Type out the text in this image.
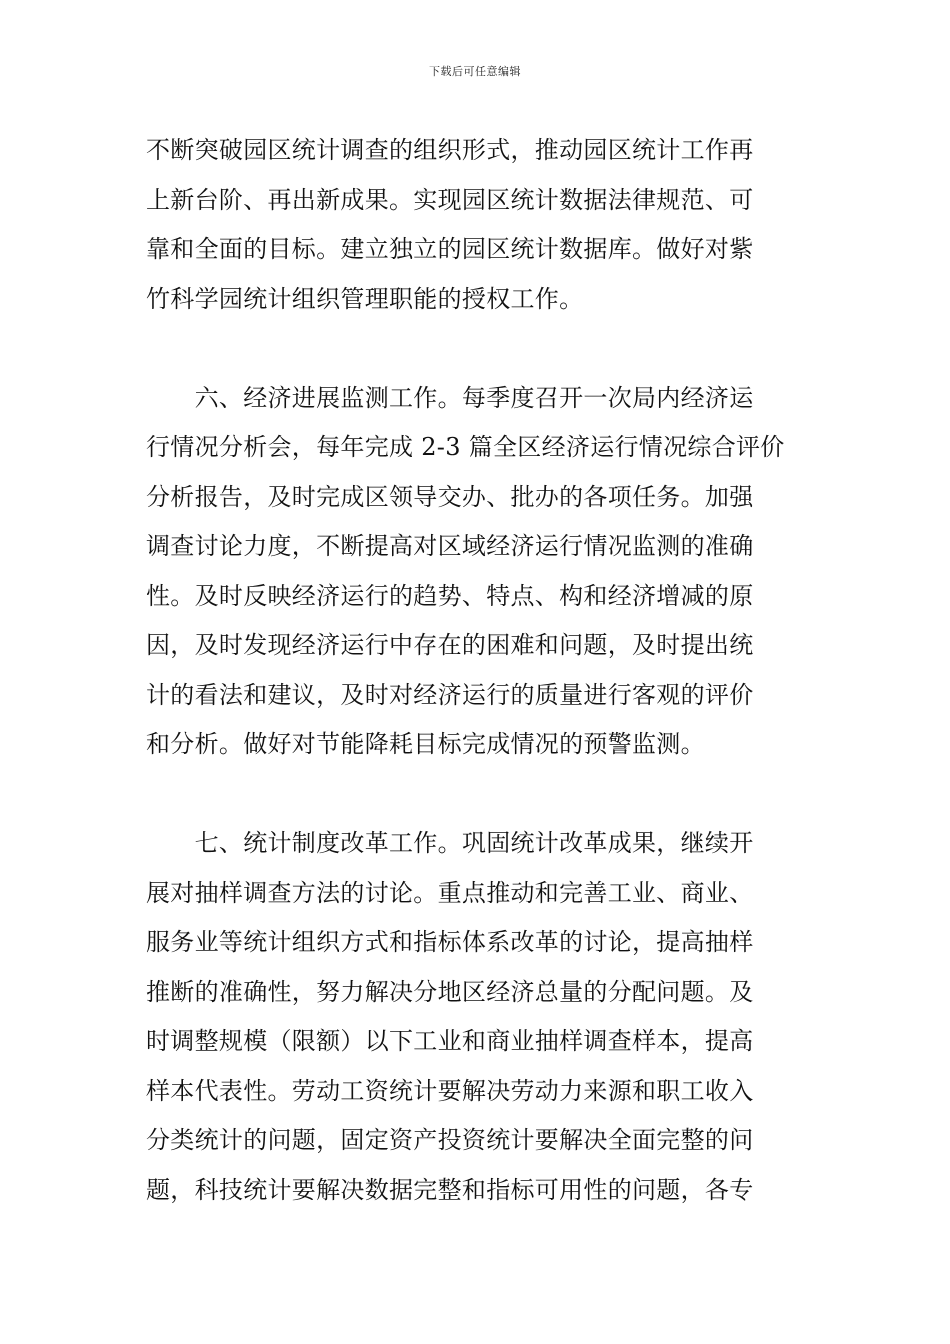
下载后可任意编辑
不断突破园区统计调查的组织形式，推动园区统计工作再
上新台阶、再出新成果。实现园区统计数据法律规范、可
靠和全面的目标。建立独立的园区统计数据库。做好对紫
竹科学园统计组织管理职能的授权工作。
　　六、经济进展监测工作。每季度召开一次局内经济运
行情况分析会，每年完成 2-3 篇全区经济运行情况综合评价
分析报告，及时完成区领导交办、批办的各项任务。加强
调查讨论力度，不断提高对区域经济运行情况监测的准确
性。及时反映经济运行的趋势、特点、构和经济增减的原
因，及时发现经济运行中存在的困难和问题，及时提出统
计的看法和建议，及时对经济运行的质量进行客观的评价
和分析。做好对节能降耗目标完成情况的预警监测。
　　七、统计制度改革工作。巩固统计改革成果，继续开
展对抽样调查方法的讨论。重点推动和完善工业、商业、
服务业等统计组织方式和指标体系改革的讨论，提高抽样
推断的准确性，努力解决分地区经济总量的分配问题。及
时调整规模（限额）以下工业和商业抽样调查样本，提高
样本代表性。劳动工资统计要解决劳动力来源和职工收入
分类统计的问题，固定资产投资统计要解决全面完整的问
题，科技统计要解决数据完整和指标可用性的问题，各专
